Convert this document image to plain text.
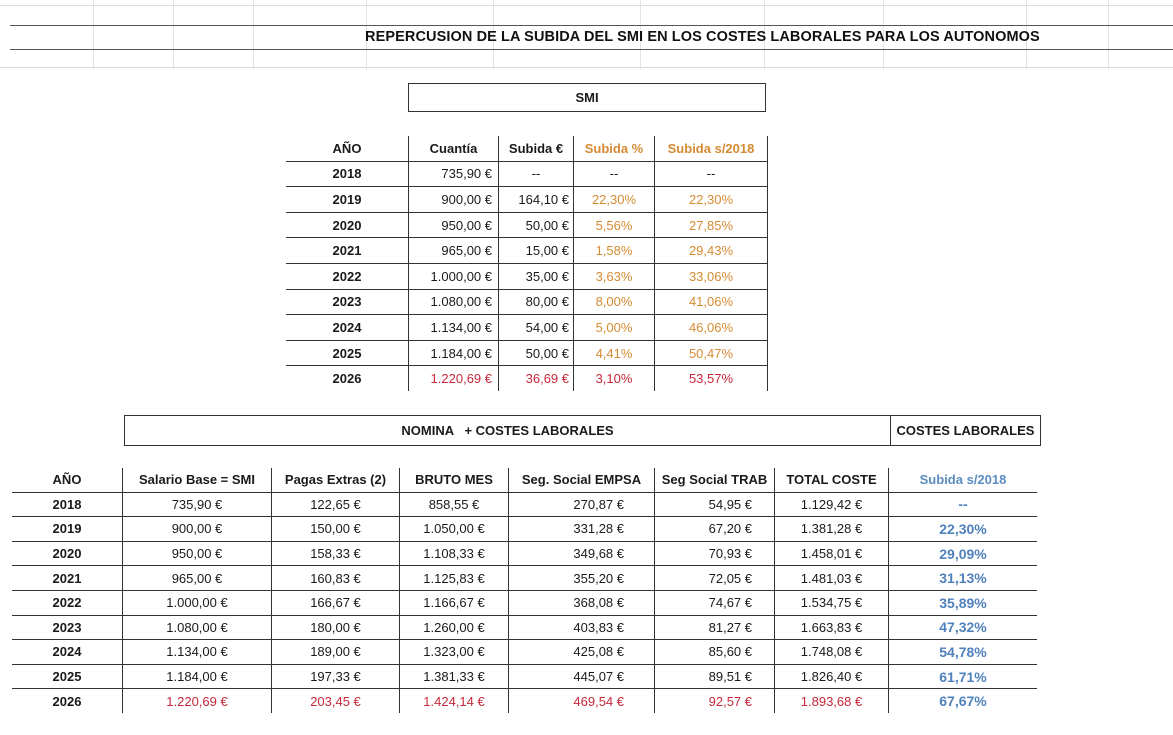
REPERCUSION DE LA SUBIDA DEL SMI EN LOS COSTES LABORALES PARA LOS AUTONOMOS
SMI
AÑO	Cuantía	Subida €	Subida %	Subida s/2018
2018	735,90 €	--	--	--
2019	900,00 €	164,10 €	22,30%	22,30%
2020	950,00 €	50,00 €	5,56%	27,85%
2021	965,00 €	15,00 €	1,58%	29,43%
2022	1.000,00 €	35,00 €	3,63%	33,06%
2023	1.080,00 €	80,00 €	8,00%	41,06%
2024	1.134,00 €	54,00 €	5,00%	46,06%
2025	1.184,00 €	50,00 €	4,41%	50,47%
2026	1.220,69 €	36,69 €	3,10%	53,57%
NOMINA   + COSTES LABORALES	COSTES LABORALES
AÑO	Salario Base = SMI	Pagas Extras (2)	BRUTO MES	Seg. Social EMPSA	Seg Social TRAB	TOTAL COSTE	Subida s/2018
2018	735,90 €	122,65 €	858,55 €	270,87 €	54,95 €	1.129,42 €	--
2019	900,00 €	150,00 €	1.050,00 €	331,28 €	67,20 €	1.381,28 €	22,30%
2020	950,00 €	158,33 €	1.108,33 €	349,68 €	70,93 €	1.458,01 €	29,09%
2021	965,00 €	160,83 €	1.125,83 €	355,20 €	72,05 €	1.481,03 €	31,13%
2022	1.000,00 €	166,67 €	1.166,67 €	368,08 €	74,67 €	1.534,75 €	35,89%
2023	1.080,00 €	180,00 €	1.260,00 €	403,83 €	81,27 €	1.663,83 €	47,32%
2024	1.134,00 €	189,00 €	1.323,00 €	425,08 €	85,60 €	1.748,08 €	54,78%
2025	1.184,00 €	197,33 €	1.381,33 €	445,07 €	89,51 €	1.826,40 €	61,71%
2026	1.220,69 €	203,45 €	1.424,14 €	469,54 €	92,57 €	1.893,68 €	67,67%
